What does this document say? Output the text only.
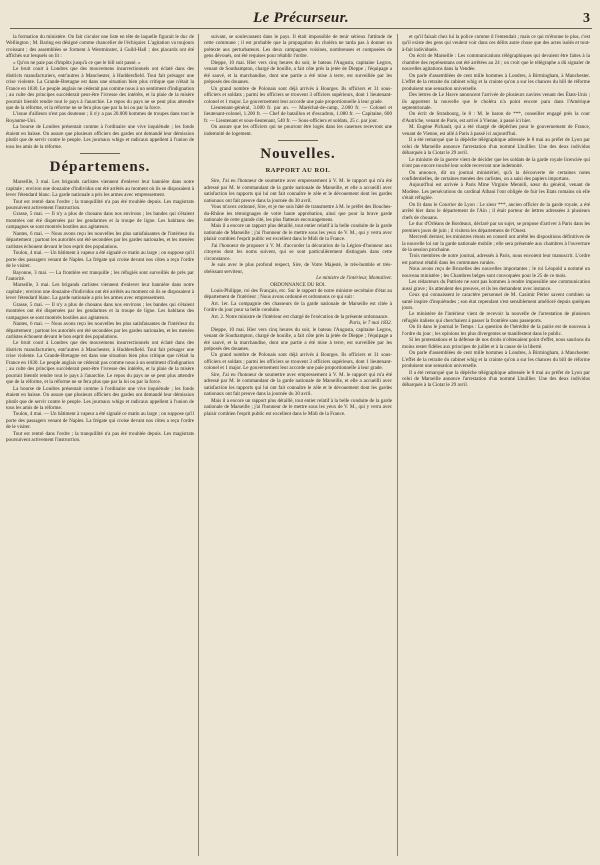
Le Précurseur.	3

la formation du ministère. On fait circuler une liste en tête de laquelle figurait le duc de Wellington ; M. Baring est désigné comme chancelier de l'échiquier. L'agitation va toujours croissant ; des assemblées se forment à Westminster, à Guild-Hall ; des placards ont été affichés sur lesquels on lit :

« Qu'on ne paie pas d'impôts jusqu'à ce que le bill soit passé. »

Le bruit court à Londres que des mouvemens insurrectionnels ont éclaté dans des districts manufacturiers, entr'autres à Manchester, à Huddersfield. Tout fait présager une crise violente. La Grande-Bretagne est dans une situation bien plus critique que n'était la France en 1830. Le peuple anglais ne céderait pas comme nous à un sentiment d'indignation ; au culte des principes succèderait peut-être l'ivresse des intérêts, et la plaie de la misère pourrait bientôt rendre tout le pays à l'anarchie. Le repos du pays ne se peut plus attendre que de la réforme, et la réforme ne se fera plus que par la loi ou par la force.

L'issue d'ailleurs n'est pas douteuse ; il n'y a pas 20.000 hommes de troupes dans tout le Royaume-Uni.

La bourse de Londres présentait comme à l'ordinaire une vive inquiétude ; les fonds étaient en baisse. On assure que plusieurs officiers des gardes ont demandé leur démission plutôt que de servir contre le peuple. Les journaux whigs et radicaux appellent à l'union de tous les amis de la réforme.

Départemens.

Marseille, 3 mai. Les brigands carlistes viennent d'enlever leur bannière dans notre capitale ; environ une douzaine d'individus ont été arrêtés au moment où ils se disposaient à lever l'étendard blanc. La garde nationale a pris les armes avec empressement.

Tout est rentré dans l'ordre ; la tranquillité n'a pas été troublée depuis. Les magistrats poursuivent activement l'instruction.

Grasse, 5 mai. — Il n'y a plus de chouans dans nos environs ; les bandes qui s'étaient montrées ont été dispersées par les gendarmes et la troupe de ligne. Les habitans des campagnes se sont montrés hostiles aux agitateurs.

Nantes, 6 mai. — Nous avons reçu les nouvelles les plus satisfaisantes de l'intérieur du département ; partout les autorités ont été secondées par les gardes nationales, et les menées carlistes échouent devant le bon esprit des populations.

Toulon, 4 mai. — Un bâtiment à vapeur a été signalé ce matin au large ; on suppose qu'il porte des passagers venant de Naples. La frégate qui croise devant nos côtes a reçu l'ordre de le visiter.

Bayonne, 3 mai. — La frontière est tranquille ; les réfugiés sont surveillés de près par l'autorité.

Marseille, 3 mai. Les brigands carlistes viennent d'enlever leur bannière dans notre capitale ; environ une douzaine d'individus ont été arrêtés au moment où ils se disposaient à lever l'étendard blanc. La garde nationale a pris les armes avec empressement.

Grasse, 5 mai. — Il n'y a plus de chouans dans nos environs ; les bandes qui s'étaient montrées ont été dispersées par les gendarmes et la troupe de ligne. Les habitans des campagnes se sont montrés hostiles aux agitateurs.

Nantes, 6 mai. — Nous avons reçu les nouvelles les plus satisfaisantes de l'intérieur du département ; partout les autorités ont été secondées par les gardes nationales, et les menées carlistes échouent devant le bon esprit des populations.

Le bruit court à Londres que des mouvemens insurrectionnels ont éclaté dans des districts manufacturiers, entr'autres à Manchester, à Huddersfield. Tout fait présager une crise violente. La Grande-Bretagne est dans une situation bien plus critique que n'était la France en 1830. Le peuple anglais ne céderait pas comme nous à un sentiment d'indignation ; au culte des principes succèderait peut-être l'ivresse des intérêts, et la plaie de la misère pourrait bientôt rendre tout le pays à l'anarchie. Le repos du pays ne se peut plus attendre que de la réforme, et la réforme ne se fera plus que par la loi ou par la force.

La bourse de Londres présentait comme à l'ordinaire une vive inquiétude ; les fonds étaient en baisse. On assure que plusieurs officiers des gardes ont demandé leur démission plutôt que de servir contre le peuple. Les journaux whigs et radicaux appellent à l'union de tous les amis de la réforme.

Toulon, 4 mai. — Un bâtiment à vapeur a été signalé ce matin au large ; on suppose qu'il porte des passagers venant de Naples. La frégate qui croise devant nos côtes a reçu l'ordre de le visiter.

Tout est rentré dans l'ordre ; la tranquillité n'a pas été troublée depuis. Les magistrats poursuivent activement l'instruction.

suivant, se soulevassent dans le pays. Il était impossible de tenir sérieux l'attitude de cette commune ; il est probable que la propagation du choléra ne tarda pas à donner un prétexte aux perturbateurs. Les deux campagnes voisines, nombreuses et composées de gens dévoués, ont été requises pour rétablir l'ordre.

Dieppe, 10 mai. Hier vers cinq heures du soir, le bateau l'Augusta, capitaine Legros, venant de Southampton, chargé de houille, a fait côte près la jetée de Dieppe ; l'équipage a été sauvé, et la marchandise, dont une partie a été mise à terre, est surveillée par les préposés des douanes.

Un grand nombre de Polonais sont déjà arrivés à Bourges. Ils officiers et 31 sous-officiers et soldats ; parmi les officiers se trouvent 3 officiers supérieurs, dont 1 lieutenant-colonel et 1 major. Le gouvernement leur accorde une paie proportionnelle à leur grade.

Lieutenant-général, 3.000 fr. par an. — Maréchal-de-camp, 2.000 fr. — Colonel et lieutenant-colonel, 1.200 fr. — Chef de bataillon et d'escadron, 1.080 fr. — Capitaine, 600 fr. — Lieutenant et sous-lieutenant, 540 fr. — Sous-officiers et soldats, 25 c. par jour.

On assure que les officiers qui ne pourront être logés dans les casernes recevront une indemnité de logement.

Nouvelles.
RAPPORT AU ROI.

Sire, J'ai eu l'honneur de soumettre avec empressement à V. M. le rapport qui m'a été adressé par M. le commandant de la garde nationale de Marseille, et elle a accueilli avec satisfaction les rapports qui lui ont fait connaître le zèle et le dévouement dont les gardes nationaux ont fait preuve dans la journée du 30 avril.

Vous m'avez ordonné, Sire, et je me suis hâté de transmettre à M. le préfet des Bouches-du-Rhône les témoignages de votre haute approbation, ainsi que pour la brave garde nationale de cette grande cité, les plus flatteurs encouragemens.

Mais il a encore un rapport plus détaillé, tout entier relatif à la belle conduite de la garde nationale de Marseille ; j'ai l'honneur de le mettre sous les yeux de V. M., qui y verra avec plaisir combien l'esprit public est excellent dans le Midi de la France.

J'ai l'honneur de proposer à V. M. d'accorder la décoration de la Légion-d'honneur aux citoyens dont les noms suivent, qui se sont particulièrement distingués dans cette circonstance.

Je suis avec le plus profond respect, Sire, de Votre Majesté, le très-humble et très-obéissant serviteur,

Le ministre de l'intérieur, Montalivet.

ORDONNANCE DU ROI.

Louis-Philippe, roi des Français, etc. Sur le rapport de notre ministre secrétaire d'état au département de l'intérieur ; Nous avons ordonné et ordonnons ce qui suit :

Art. 1er. La compagnie des chasseurs de la garde nationale de Marseille est citée à l'ordre du jour pour sa belle conduite.

Art. 2. Notre ministre de l'intérieur est chargé de l'exécution de la présente ordonnance.

Paris, le 7 mai 1832.

Dieppe, 10 mai. Hier vers cinq heures du soir, le bateau l'Augusta, capitaine Legros, venant de Southampton, chargé de houille, a fait côte près la jetée de Dieppe ; l'équipage a été sauvé, et la marchandise, dont une partie a été mise à terre, est surveillée par les préposés des douanes.

Un grand nombre de Polonais sont déjà arrivés à Bourges. Ils officiers et 31 sous-officiers et soldats ; parmi les officiers se trouvent 3 officiers supérieurs, dont 1 lieutenant-colonel et 1 major. Le gouvernement leur accorde une paie proportionnelle à leur grade.

Sire, J'ai eu l'honneur de soumettre avec empressement à V. M. le rapport qui m'a été adressé par M. le commandant de la garde nationale de Marseille, et elle a accueilli avec satisfaction les rapports qui lui ont fait connaître le zèle et le dévouement dont les gardes nationaux ont fait preuve dans la journée du 30 avril.

Mais il a encore un rapport plus détaillé, tout entier relatif à la belle conduite de la garde nationale de Marseille ; j'ai l'honneur de le mettre sous les yeux de V. M., qui y verra avec plaisir combien l'esprit public est excellent dans le Midi de la France.

et qu'il faisait chez lui la police comme il l'entendait ; mais ce qui m'étonne le plus, c'est qu'il existe des gens qui veulent voir dans ces délits autre chose que des actes isolés et tout-à-fait individuels.

On écrit de Marseille : Les communications télégraphiques qui devaient être faites à la chambre des représentans ont été arrêtées au 24 ; on croit que le télégraphe a dû signaler de nouvelles agitations dans la Vendée.

On parle d'assemblées de cent mille hommes à Londres, à Birmingham, à Manchester. L'effet de la retraite du cabinet whig et la crainte qu'on a sur les chances du bill de réforme produisent une sensation universelle.

Des lettres de Le Havre annoncent l'arrivée de plusieurs navires venant des États-Unis ; ils apportent la nouvelle que le choléra n'a point encore paru dans l'Amérique septentrionale.

On écrit de Strasbourg, le 8 : M. le baron de ***, conseiller engagé près la cour d'Autriche, venant de Paris, est arrivé à Vienne, à passé ici hier.

M. Eugène Pichault, qui a été chargé de dépêches pour le gouvernement de France, venant de Vienne, est allé à Paris à passé ici aujourd'hui.

Il a été remarqué que la dépêche télégraphique adressée le 8 mai au préfet de Lyon par celui de Marseille annonce l'arrestation d'un nommé Lhuillier. Une des deux individus débarqués à la Ciotat le 29 avril.

Le ministre de la guerre vient de décider que les soldats de la garde royale licenciée qui n'ont pas encore touché leur solde recevront une indemnité.

On annonce, dit un journal ministériel, qu'à la découverte de certaines notes confidentielles, de certaines menées des carlistes, on a saisi des papiers importans.

Aujourd'hui est arrivée à Paris Mme Virginie Mennili, sœur du général, venant de Modène. Les persécutions du cardinal Albani l'ont obligée de fuir les Etats romains où elle s'était réfugiée.

On lit dans le Courrier de Lyon : Le sieur ***, ancien officier de la garde royale, a été arrêté hier dans le département de l'Ain ; il était porteur de lettres adressées à plusieurs chefs de chouans.

Le duc d'Orléans de Bordeaux, déclaré par un sujet, se propose d'arriver à Paris dans les premiers jours de juin ; il visitera les départemens de l'Ouest.

Mercredi dernier, les ministres réunis en conseil ont arrêté les dispositions définitives de la nouvelle loi sur la garde nationale mobile ; elle sera présentée aux chambres à l'ouverture de la session prochaine.

Trois membres de notre journal, adressés à Paris, nous envoient leur manuscrit. L'ordre est partout rétabli dans les communes rurales.

Nous avons reçu de Bruxelles des nouvelles importantes ; le roi Léopold a nommé un nouveau ministère ; les Chambres belges sont convoquées pour le 25 de ce mois.

Les rédacteurs du Patriote ne sont pas hommes à rendre impossible une communication aussi grave ; ils attendent des preuves, et ils les demandent avec instance.

Ceux qui connaissent le caractère personnel de M. Casimir Périer savent combien sa santé inspire d'inquiétudes ; son état cependant s'est sensiblement amélioré depuis quelques jours.

Le ministère de l'intérieur vient de recevoir la nouvelle de l'arrestation de plusieurs réfugiés italiens qui cherchaient à passer la frontière sans passeports.

On lit dans le journal le Temps : La question de l'hérédité de la pairie est de nouveau à l'ordre du jour ; les opinions les plus divergentes se manifestent dans le public.

Si les protestations et la défense de nos droits n'obtenaient point d'effet, nous saurions du moins rester fidèles aux principes de juillet et à la cause de la liberté.

On parle d'assemblées de cent mille hommes à Londres, à Birmingham, à Manchester. L'effet de la retraite du cabinet whig et la crainte qu'on a sur les chances du bill de réforme produisent une sensation universelle.

Il a été remarqué que la dépêche télégraphique adressée le 8 mai au préfet de Lyon par celui de Marseille annonce l'arrestation d'un nommé Lhuillier. Une des deux individus débarqués à la Ciotat le 29 avril.
